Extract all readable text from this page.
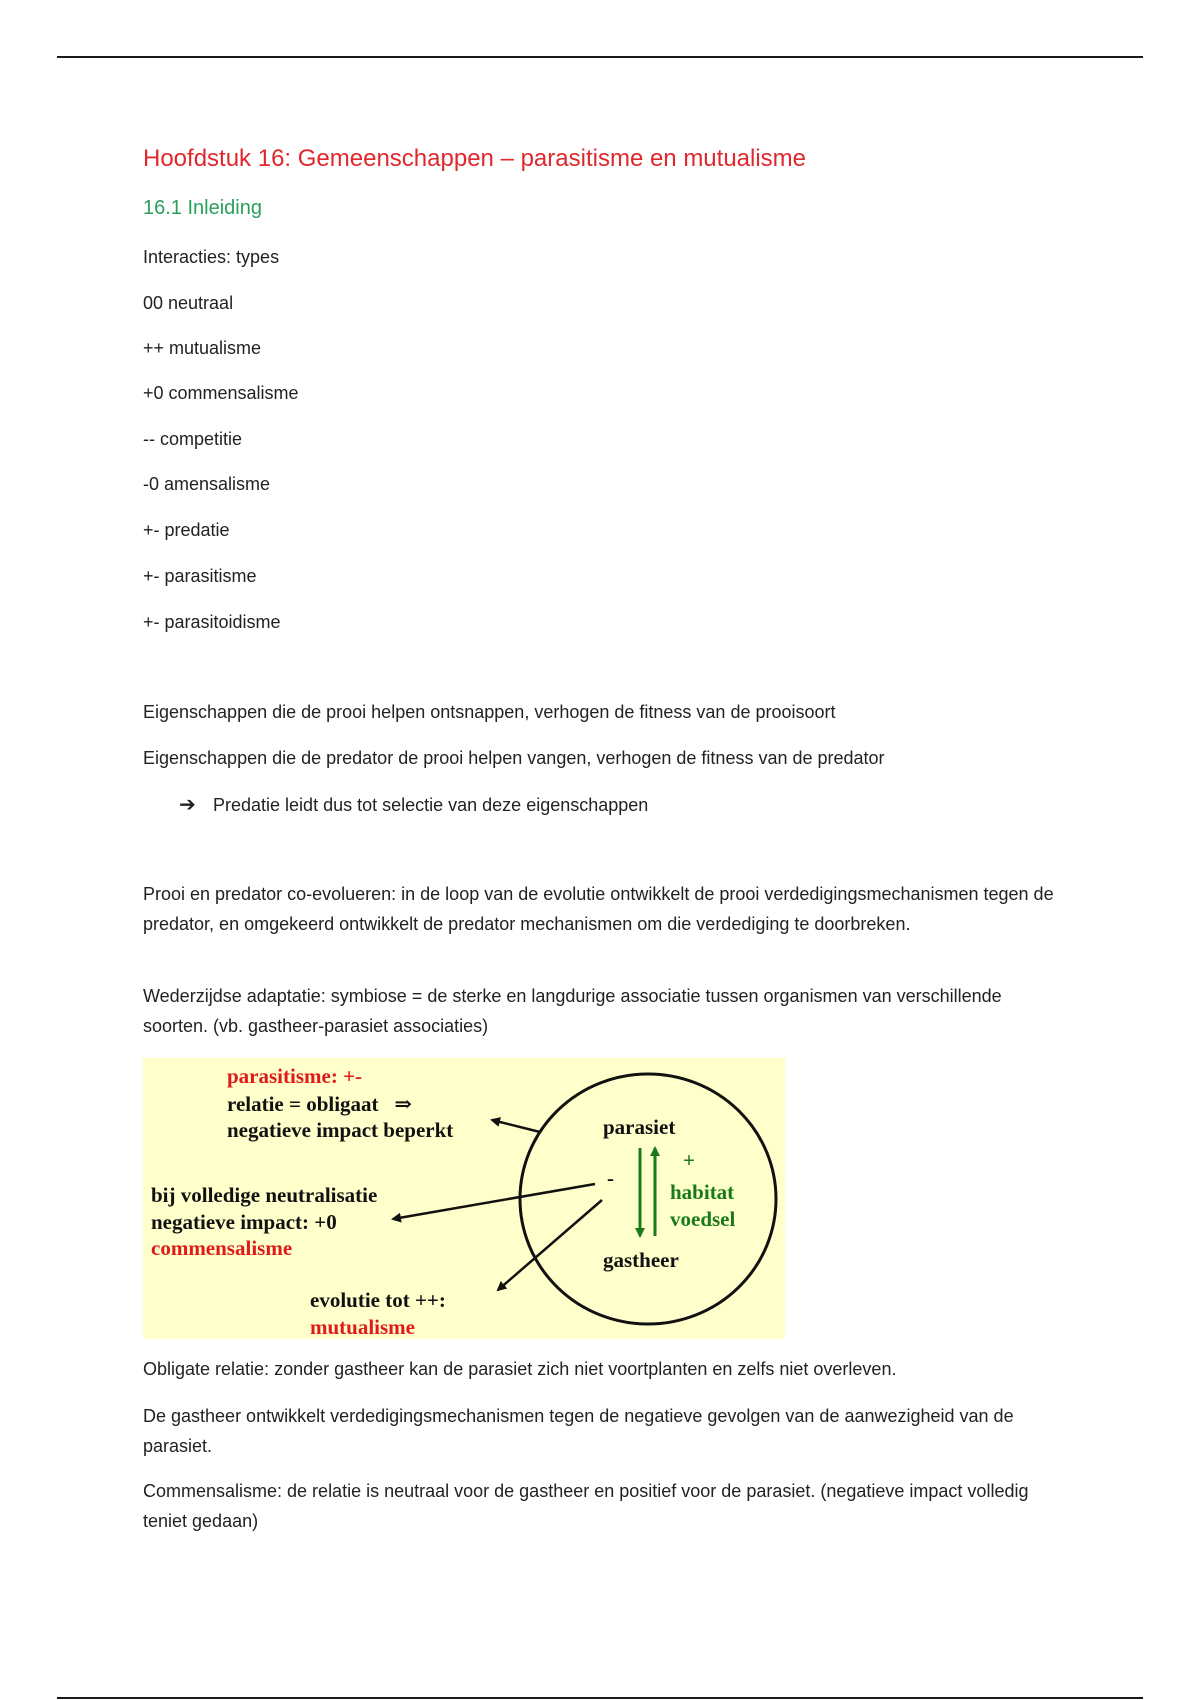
Hoofdstuk 16: Gemeenschappen – parasitisme en mutualisme
16.1 Inleiding
Interacties: types
00 neutraal
++ mutualisme
+0 commensalisme
-- competitie
-0 amensalisme
+- predatie
+- parasitisme
+- parasitoidisme
Eigenschappen die de prooi helpen ontsnappen, verhogen de fitness van de prooisoort
Eigenschappen die de predator de prooi helpen vangen, verhogen de fitness van de predator
➔ Predatie leidt dus tot selectie van deze eigenschappen
Prooi en predator co-evolueren: in de loop van de evolutie ontwikkelt de prooi verdedigingsmechanismen tegen de predator, en omgekeerd ontwikkelt de predator mechanismen om die verdediging te doorbreken.
Wederzijdse adaptatie: symbiose = de sterke en langdurige associatie tussen organismen van verschillende soorten. (vb. gastheer-parasiet associaties)
Obligate relatie: zonder gastheer kan de parasiet zich niet voortplanten en zelfs niet overleven.
De gastheer ontwikkelt verdedigingsmechanismen tegen de negatieve gevolgen van de aanwezigheid van de parasiet.
Commensalisme: de relatie is neutraal voor de gastheer en positief voor de parasiet. (negatieve impact volledig teniet gedaan)
parasitisme: +-
relatie = obligaat ⇒
negatieve impact beperkt
bij volledige neutralisatie
negatieve impact: +0
commensalisme
evolutie tot ++:
mutualisme
parasiet
gastheer
-
+
habitat
voedsel
